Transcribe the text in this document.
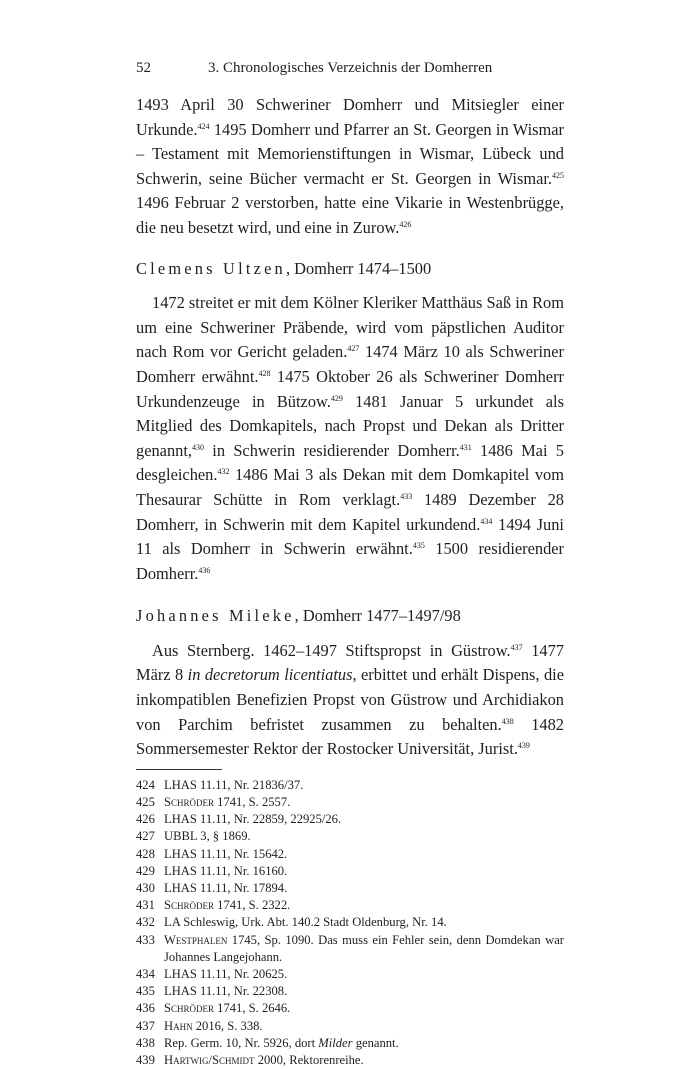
52	3. Chronologisches Verzeichnis der Domherren

1493 April 30 Schweriner Domherr und Mitsiegler einer Urkunde.$^{424}$ 1495 Domherr und Pfarrer an St. Georgen in Wismar – Testament mit Memorienstiftungen in Wismar, Lübeck und Schwerin, seine Bücher vermacht er St. Georgen in Wismar.$^{425}$ 1496 Februar 2 verstorben, hatte eine Vikarie in Westenbrügge, die neu besetzt wird, und eine in Zurow.$^{426}$

Clemens Ultzen, Domherr 1474–1500

1472 streitet er mit dem Kölner Kleriker Matthäus Saß in Rom um eine Schweriner Präbende, wird vom päpstlichen Auditor nach Rom vor Gericht geladen.$^{427}$ 1474 März 10 als Schweriner Domherr erwähnt.$^{428}$ 1475 Oktober 26 als Schweriner Domherr Urkundenzeuge in Bützow.$^{429}$ 1481 Januar 5 urkundet als Mitglied des Domkapitels, nach Propst und Dekan als Dritter genannt,$^{430}$ in Schwerin residierender Domherr.$^{431}$ 1486 Mai 5 desgleichen.$^{432}$ 1486 Mai 3 als Dekan mit dem Domkapitel vom Thesaurar Schütte in Rom verklagt.$^{433}$ 1489 Dezember 28 Domherr, in Schwerin mit dem Kapitel urkundend.$^{434}$ 1494 Juni 11 als Domherr in Schwerin erwähnt.$^{435}$ 1500 residierender Domherr.$^{436}$

Johannes Mileke, Domherr 1477–1497/98

Aus Sternberg. 1462–1497 Stiftspropst in Güstrow.$^{437}$ 1477 März 8 in decretorum licentiatus, erbittet und erhält Dispens, die inkompatiblen Benefizien Propst von Güstrow und Archidiakon von Parchim befristet zusammen zu behalten.$^{438}$ 1482 Sommersemester Rektor der Rostocker Universität, Jurist.$^{439}$

424 LHAS 11.11, Nr. 21836/37.
425 Schröder 1741, S. 2557.
426 LHAS 11.11, Nr. 22859, 22925/26.
427 UBBL 3, § 1869.
428 LHAS 11.11, Nr. 15642.
429 LHAS 11.11, Nr. 16160.
430 LHAS 11.11, Nr. 17894.
431 Schröder 1741, S. 2322.
432 LA Schleswig, Urk. Abt. 140.2 Stadt Oldenburg, Nr. 14.
433 Westphalen 1745, Sp. 1090. Das muss ein Fehler sein, denn Domdekan war Johannes Langejohann.
434 LHAS 11.11, Nr. 20625.
435 LHAS 11.11, Nr. 22308.
436 Schröder 1741, S. 2646.
437 Hahn 2016, S. 338.
438 Rep. Germ. 10, Nr. 5926, dort Milder genannt.
439 Hartwig/Schmidt 2000, Rektorenreihe.
